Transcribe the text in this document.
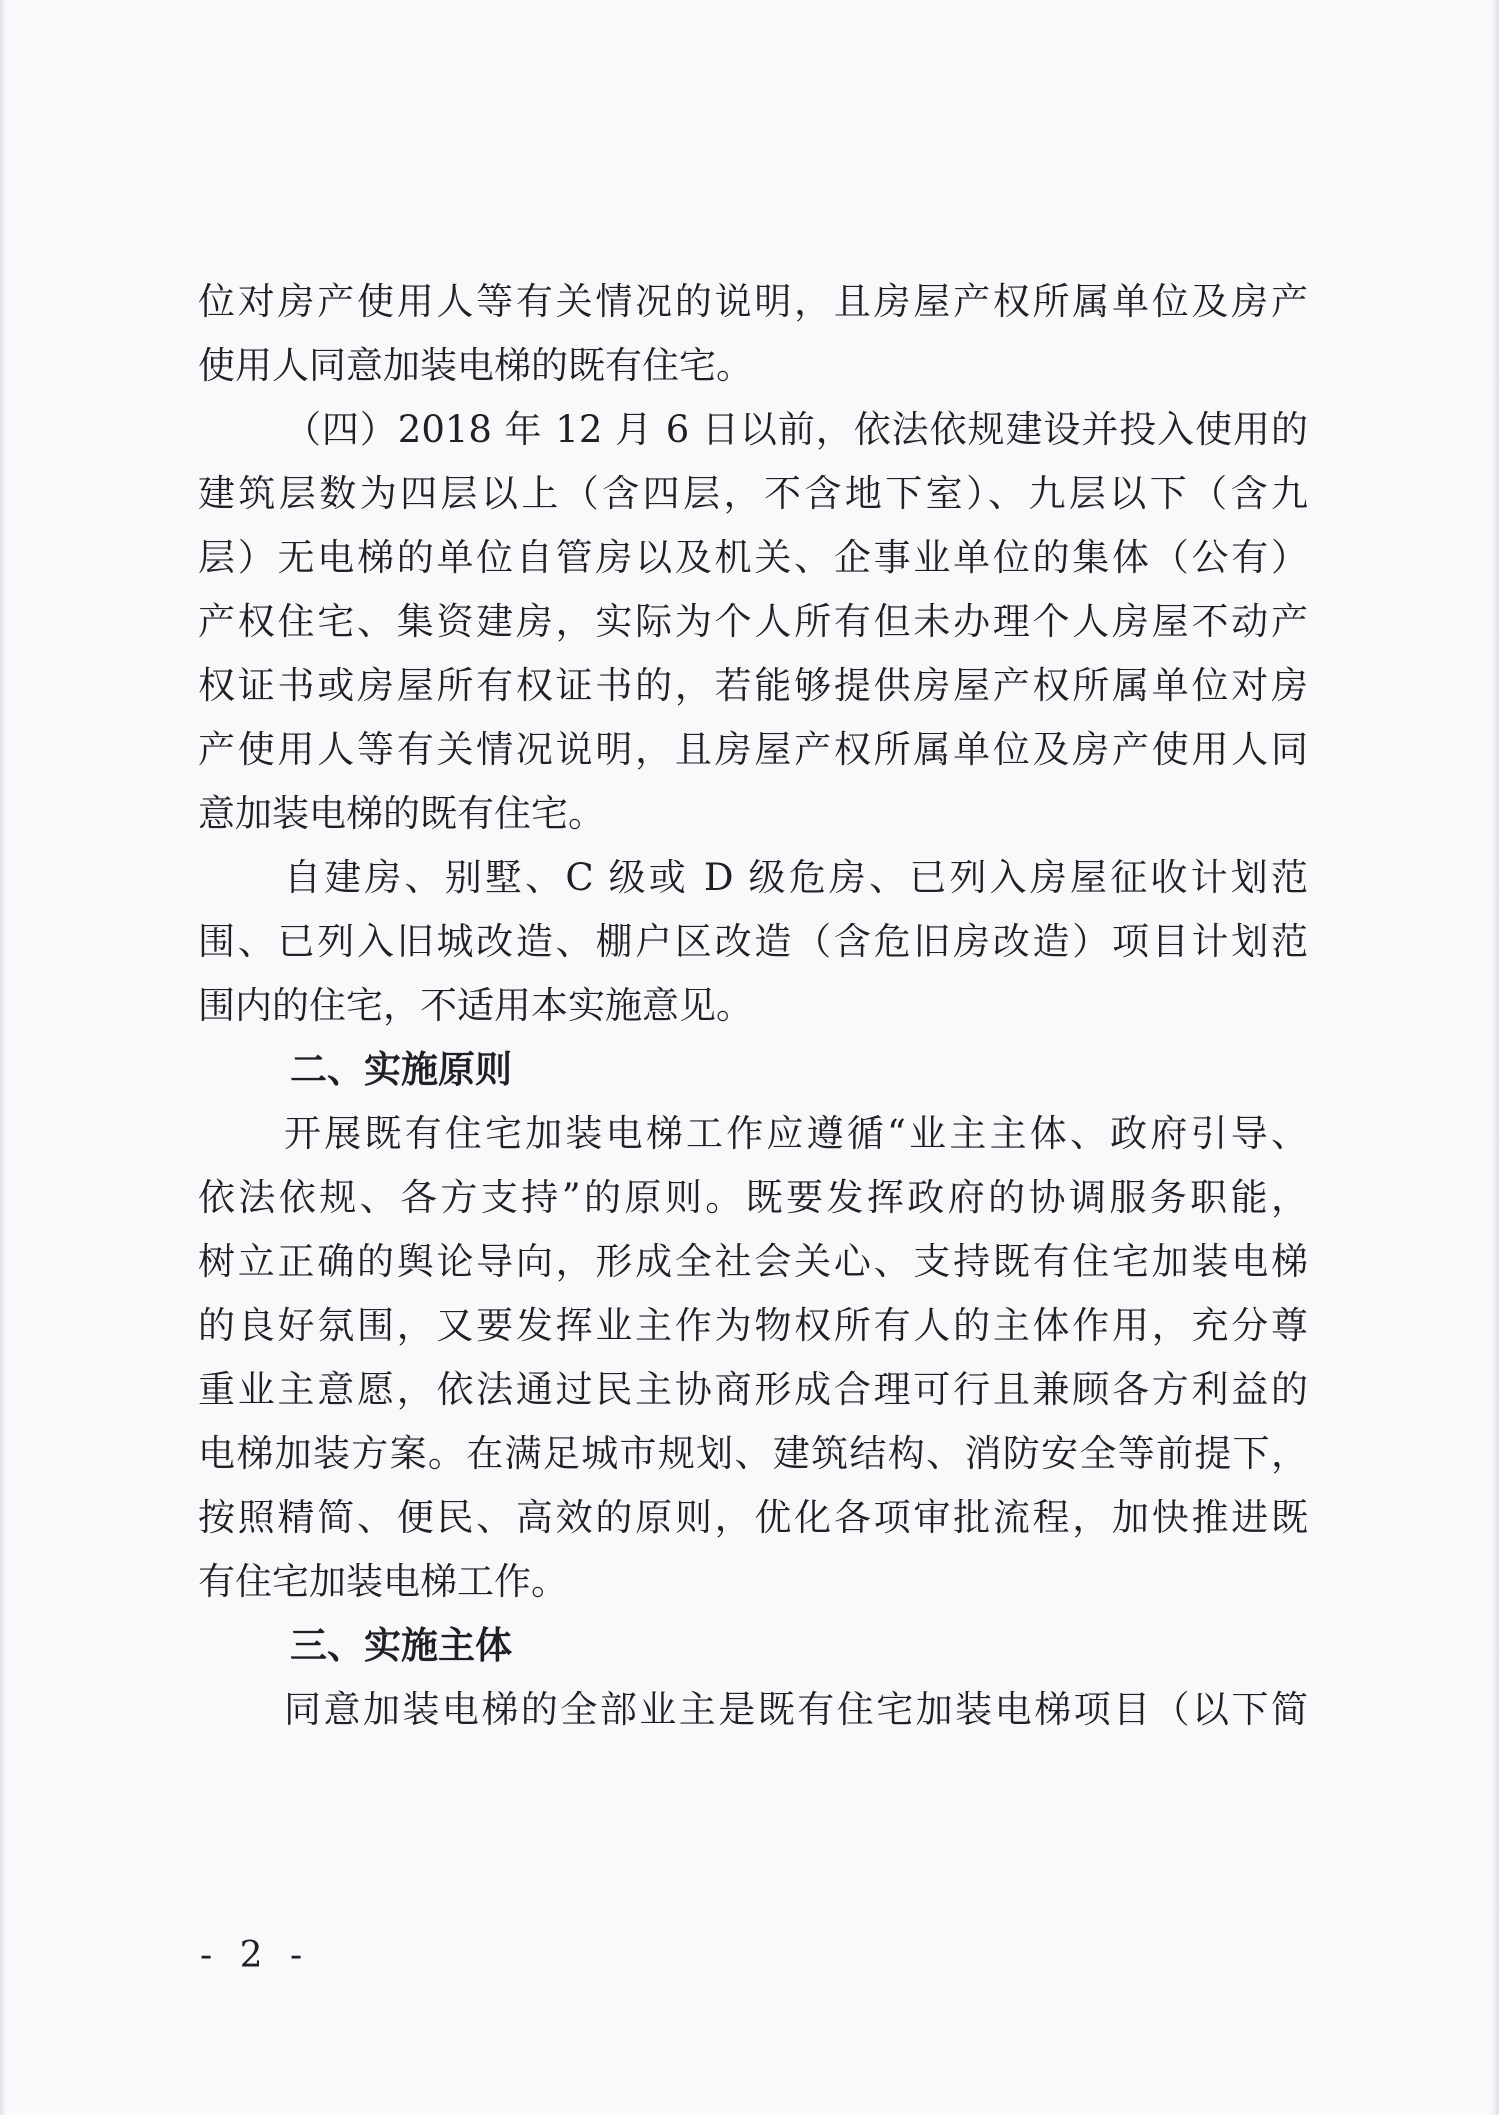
位对房产使用人等有关情况的说明，且房屋产权所属单位及房产
使用人同意加装电梯的既有住宅。
（四）2018 年 12 月 6 日以前，依法依规建设并投入使用的
建筑层数为四层以上（含四层，不含地下室）、九层以下（含九
层）无电梯的单位自管房以及机关、企事业单位的集体（公有）
产权住宅、集资建房，实际为个人所有但未办理个人房屋不动产
权证书或房屋所有权证书的，若能够提供房屋产权所属单位对房
产使用人等有关情况说明，且房屋产权所属单位及房产使用人同
意加装电梯的既有住宅。
自建房、别墅、C 级或 D 级危房、已列入房屋征收计划范
围、已列入旧城改造、棚户区改造（含危旧房改造）项目计划范
围内的住宅，不适用本实施意见。
二、实施原则
开展既有住宅加装电梯工作应遵循“业主主体、政府引导、
依法依规、各方支持”的原则。既要发挥政府的协调服务职能，
树立正确的舆论导向，形成全社会关心、支持既有住宅加装电梯
的良好氛围，又要发挥业主作为物权所有人的主体作用，充分尊
重业主意愿，依法通过民主协商形成合理可行且兼顾各方利益的
电梯加装方案。在满足城市规划、建筑结构、消防安全等前提下，
按照精简、便民、高效的原则，优化各项审批流程，加快推进既
有住宅加装电梯工作。
三、实施主体
同意加装电梯的全部业主是既有住宅加装电梯项目（以下简
- 2 -
